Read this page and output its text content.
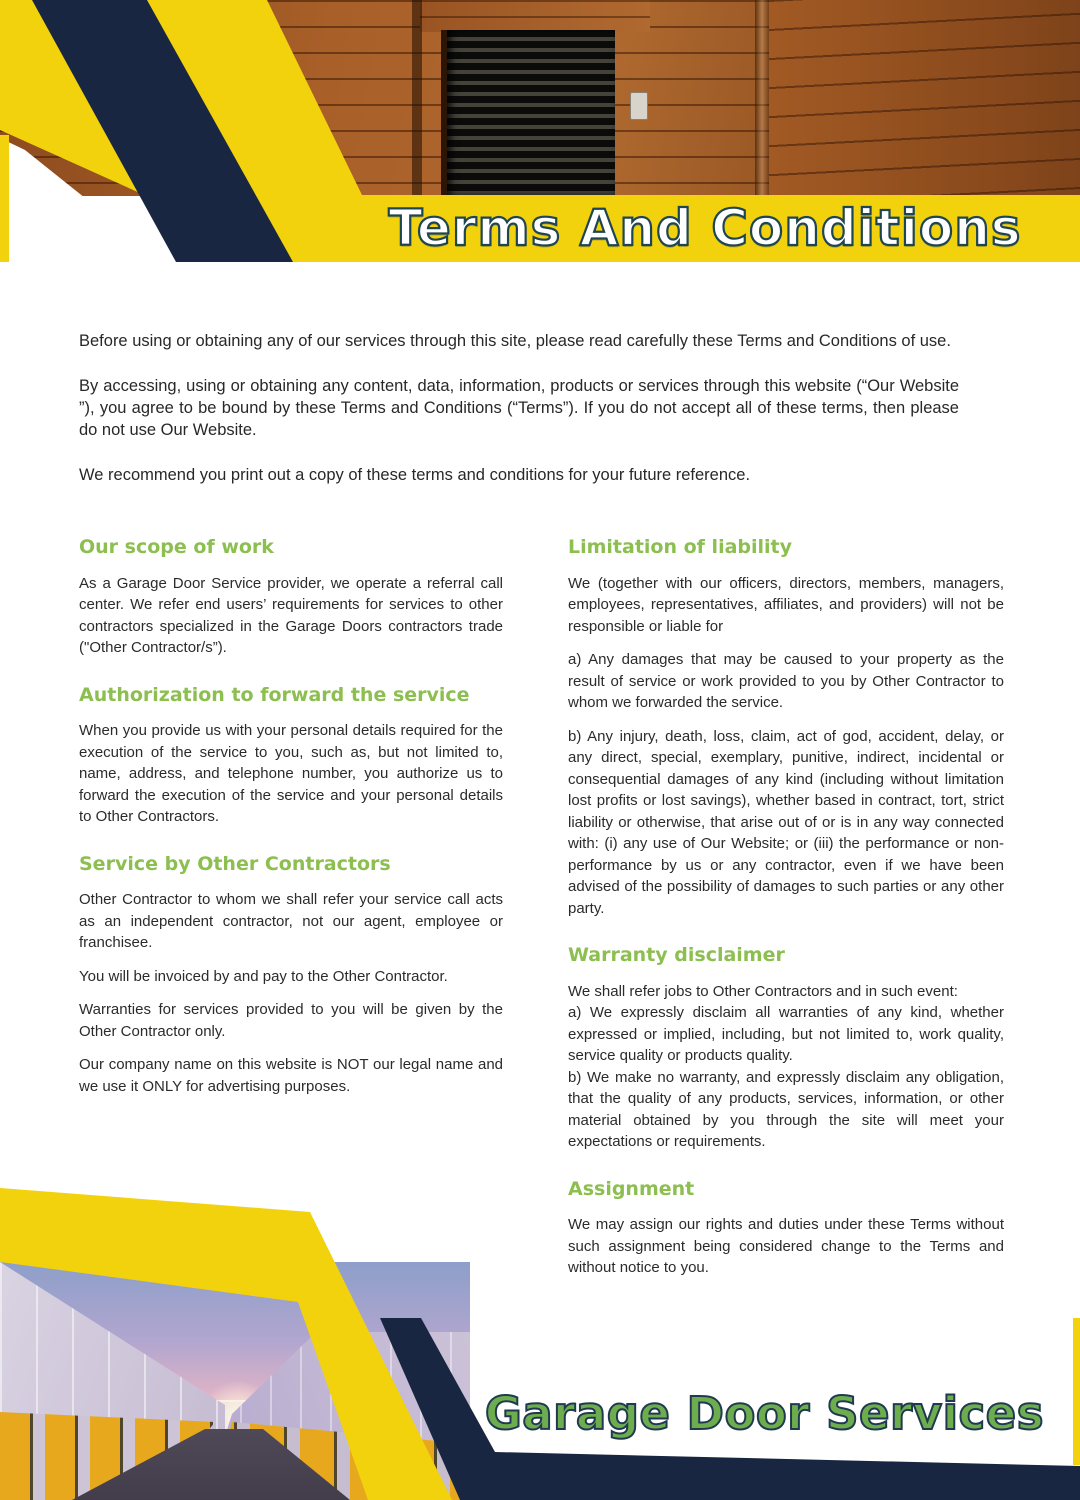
Terms And Conditions

Before using or obtaining any of our services through this site, please read carefully these Terms and Conditions of use.

By accessing, using or obtaining any content, data, information, products or services through this website (“Our Website ”), you agree to be bound by these Terms and Conditions (“Terms”). If you do not accept all of these terms, then please do not use Our Website.

We recommend you print out a copy of these terms and conditions for your future reference.

Our scope of work

As a Garage Door Service provider, we operate a referral call center. We refer end users’ requirements for services to other contractors specialized in the Garage Doors contractors trade ("Other Contractor/s”).

Authorization to forward the service

When you provide us with your personal details required for the execution of the service to you, such as, but not limited to, name, address, and telephone number, you authorize us to forward the execution of the service and your personal details to Other Contractors.

Service by Other Contractors

Other Contractor to whom we shall refer your service call acts as an independent contractor, not our agent, employee or franchisee.

You will be invoiced by and pay to the Other Contractor.

Warranties for services provided to you will be given by the Other Contractor only.

Our company name on this website is NOT our legal name and we use it ONLY for advertising purposes.

Limitation of liability

We (together with our officers, directors, members, managers, employees, representatives, affiliates, and providers) will not be responsible or liable for

a) Any damages that may be caused to your property as the result of service or work provided to you by Other Contractor to whom we forwarded the service.

b) Any injury, death, loss, claim, act of god, accident, delay, or any direct, special, exemplary, punitive, indirect, incidental or consequential damages of any kind (including without limitation lost profits or lost savings), whether based in contract, tort, strict liability or otherwise, that arise out of or is in any way connected with: (i) any use of Our Website; or (iii) the performance or non-performance by us or any contractor, even if we have been advised of the possibility of damages to such parties or any other party.

Warranty disclaimer

We shall refer jobs to Other Contractors and in such event:

a) We expressly disclaim all warranties of any kind, whether expressed or implied, including, but not limited to, work quality, service quality or products quality.

b) We make no warranty, and expressly disclaim any obligation, that the quality of any products, services, information, or other material obtained by you through the site will meet your expectations or requirements.

Assignment

We may assign our rights and duties under these Terms without such assignment being considered change to the Terms and without notice to you.

Garage Door Services
